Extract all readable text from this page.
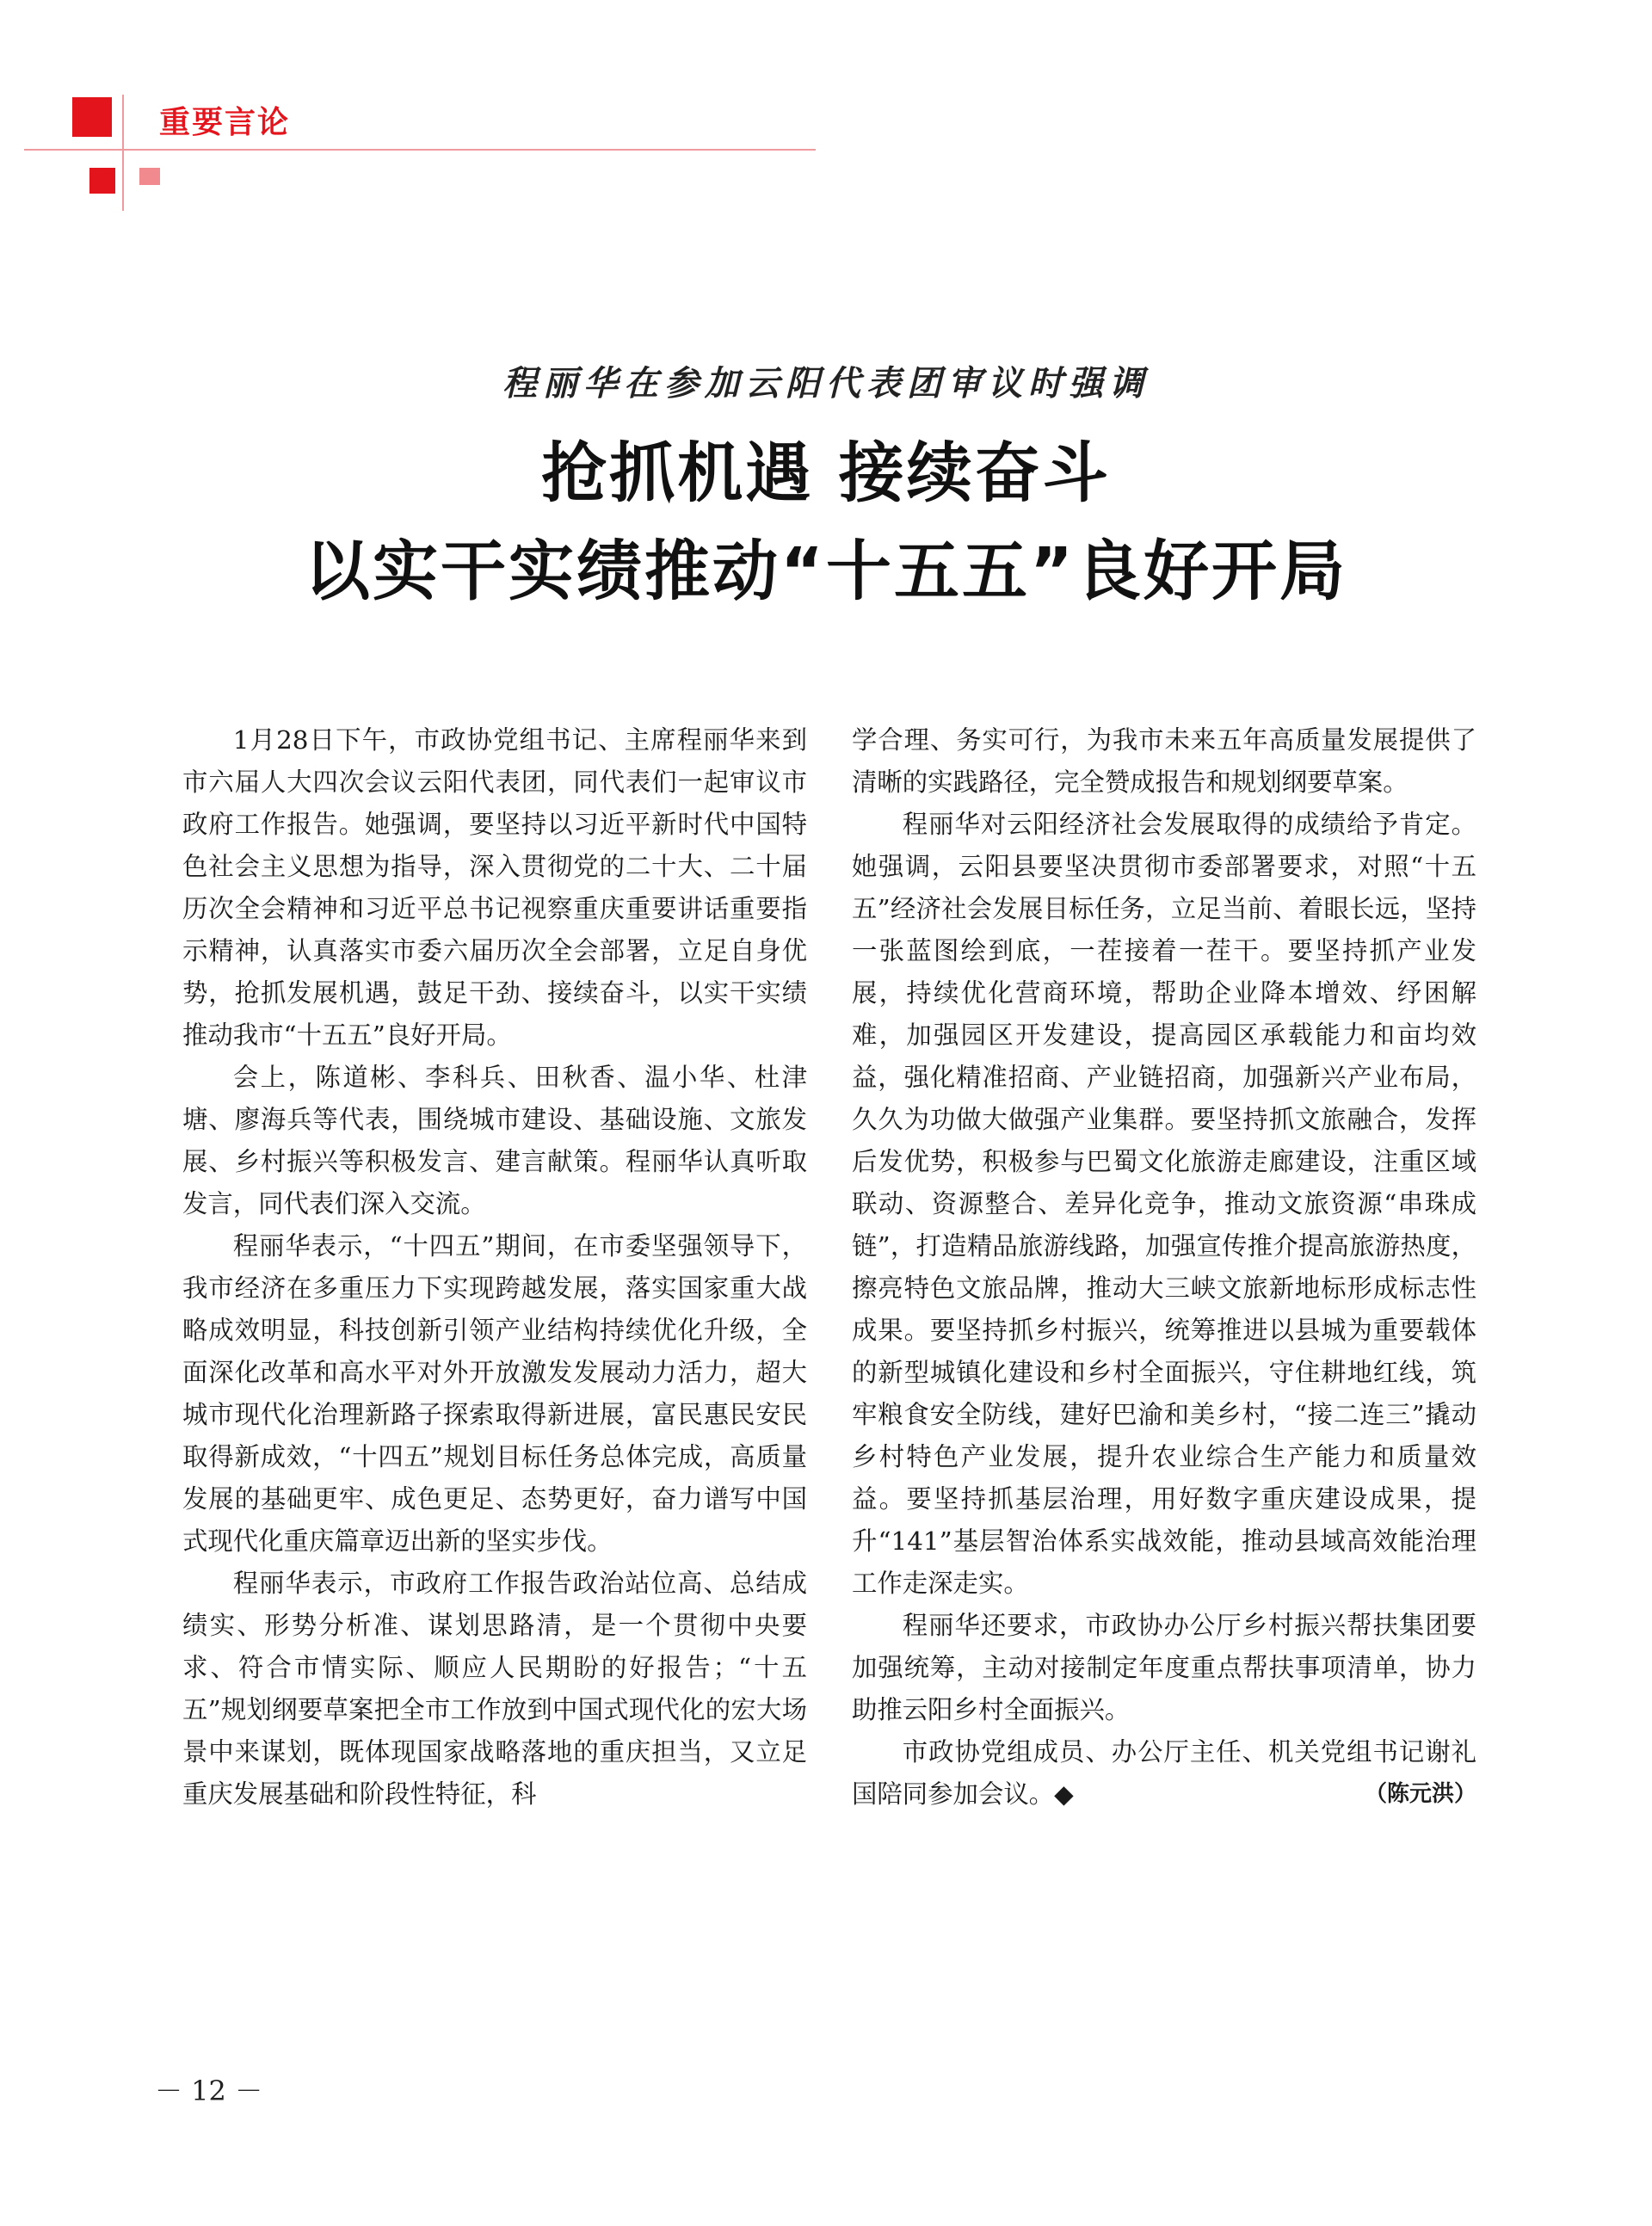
重要言论
程丽华在参加云阳代表团审议时强调
抢抓机遇 接续奋斗
以实干实绩推动“十五五”良好开局

1月28日下午，市政协党组书记、主席程丽华来到市六届人大四次会议云阳代表团，同代表们一起审议市政府工作报告。她强调，要坚持以习近平新时代中国特色社会主义思想为指导，深入贯彻党的二十大、二十届历次全会精神和习近平总书记视察重庆重要讲话重要指示精神，认真落实市委六届历次全会部署，立足自身优势，抢抓发展机遇，鼓足干劲、接续奋斗，以实干实绩推动我市“十五五”良好开局。

会上，陈道彬、李科兵、田秋香、温小华、杜津塘、廖海兵等代表，围绕城市建设、基础设施、文旅发展、乡村振兴等积极发言、建言献策。程丽华认真听取发言，同代表们深入交流。

程丽华表示，“十四五”期间，在市委坚强领导下，我市经济在多重压力下实现跨越发展，落实国家重大战略成效明显，科技创新引领产业结构持续优化升级，全面深化改革和高水平对外开放激发发展动力活力，超大城市现代化治理新路子探索取得新进展，富民惠民安民取得新成效，“十四五”规划目标任务总体完成，高质量发展的基础更牢、成色更足、态势更好，奋力谱写中国式现代化重庆篇章迈出新的坚实步伐。

程丽华表示，市政府工作报告政治站位高、总结成绩实、形势分析准、谋划思路清，是一个贯彻中央要求、符合市情实际、顺应人民期盼的好报告；“十五五”规划纲要草案把全市工作放到中国式现代化的宏大场景中来谋划，既体现国家战略落地的重庆担当，又立足重庆发展基础和阶段性特征，科

学合理、务实可行，为我市未来五年高质量发展提供了清晰的实践路径，完全赞成报告和规划纲要草案。

程丽华对云阳经济社会发展取得的成绩给予肯定。她强调，云阳县要坚决贯彻市委部署要求，对照“十五五”经济社会发展目标任务，立足当前、着眼长远，坚持一张蓝图绘到底，一茬接着一茬干。要坚持抓产业发展，持续优化营商环境，帮助企业降本增效、纾困解难，加强园区开发建设，提高园区承载能力和亩均效益，强化精准招商、产业链招商，加强新兴产业布局，久久为功做大做强产业集群。要坚持抓文旅融合，发挥后发优势，积极参与巴蜀文化旅游走廊建设，注重区域联动、资源整合、差异化竞争，推动文旅资源“串珠成链”，打造精品旅游线路，加强宣传推介提高旅游热度，擦亮特色文旅品牌，推动大三峡文旅新地标形成标志性成果。要坚持抓乡村振兴，统筹推进以县城为重要载体的新型城镇化建设和乡村全面振兴，守住耕地红线，筑牢粮食安全防线，建好巴渝和美乡村，“接二连三”撬动乡村特色产业发展，提升农业综合生产能力和质量效益。要坚持抓基层治理，用好数字重庆建设成果，提升“141”基层智治体系实战效能，推动县域高效能治理工作走深走实。

程丽华还要求，市政协办公厅乡村振兴帮扶集团要加强统筹，主动对接制定年度重点帮扶事项清单，协力助推云阳乡村全面振兴。

市政协党组成员、办公厅主任、机关党组书记谢礼国陪同参加会议。◆	（陈元洪）

－ 12 －
